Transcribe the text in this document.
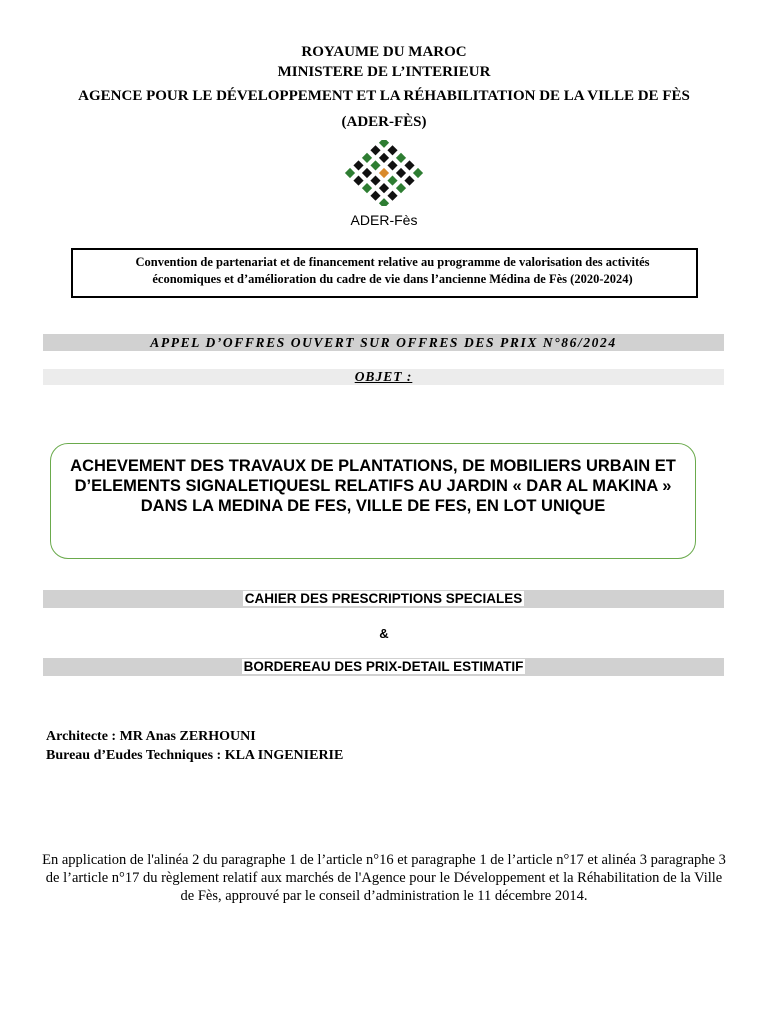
ROYAUME DU MAROC
MINISTERE DE L’INTERIEUR
AGENCE POUR LE DÉVELOPPEMENT ET LA RÉHABILITATION DE LA VILLE DE FÈS
(ADER-FÈS)
ADER-Fès
Convention de partenariat et de financement relative au programme de valorisation des activités économiques et d’amélioration du cadre de vie dans l’ancienne Médina de Fès (2020-2024)
APPEL D’OFFRES OUVERT SUR OFFRES DES PRIX N°86/2024
OBJET :
ACHEVEMENT DES TRAVAUX DE PLANTATIONS, DE MOBILIERS URBAIN ET D’ELEMENTS SIGNALETIQUESL RELATIFS AU JARDIN « DAR AL MAKINA » DANS LA MEDINA DE FES, VILLE DE FES, EN LOT UNIQUE
CAHIER DES PRESCRIPTIONS SPECIALES
&
BORDEREAU DES PRIX-DETAIL ESTIMATIF
Architecte : MR Anas ZERHOUNI
Bureau d’Eudes Techniques : KLA INGENIERIE
En application de l'alinéa 2 du paragraphe 1 de l’article n°16 et paragraphe 1 de l’article n°17 et alinéa 3 paragraphe 3 de l’article n°17 du règlement relatif aux marchés de l'Agence pour le Développement et la Réhabilitation de la Ville de Fès, approuvé par le conseil d’administration le 11 décembre 2014.
